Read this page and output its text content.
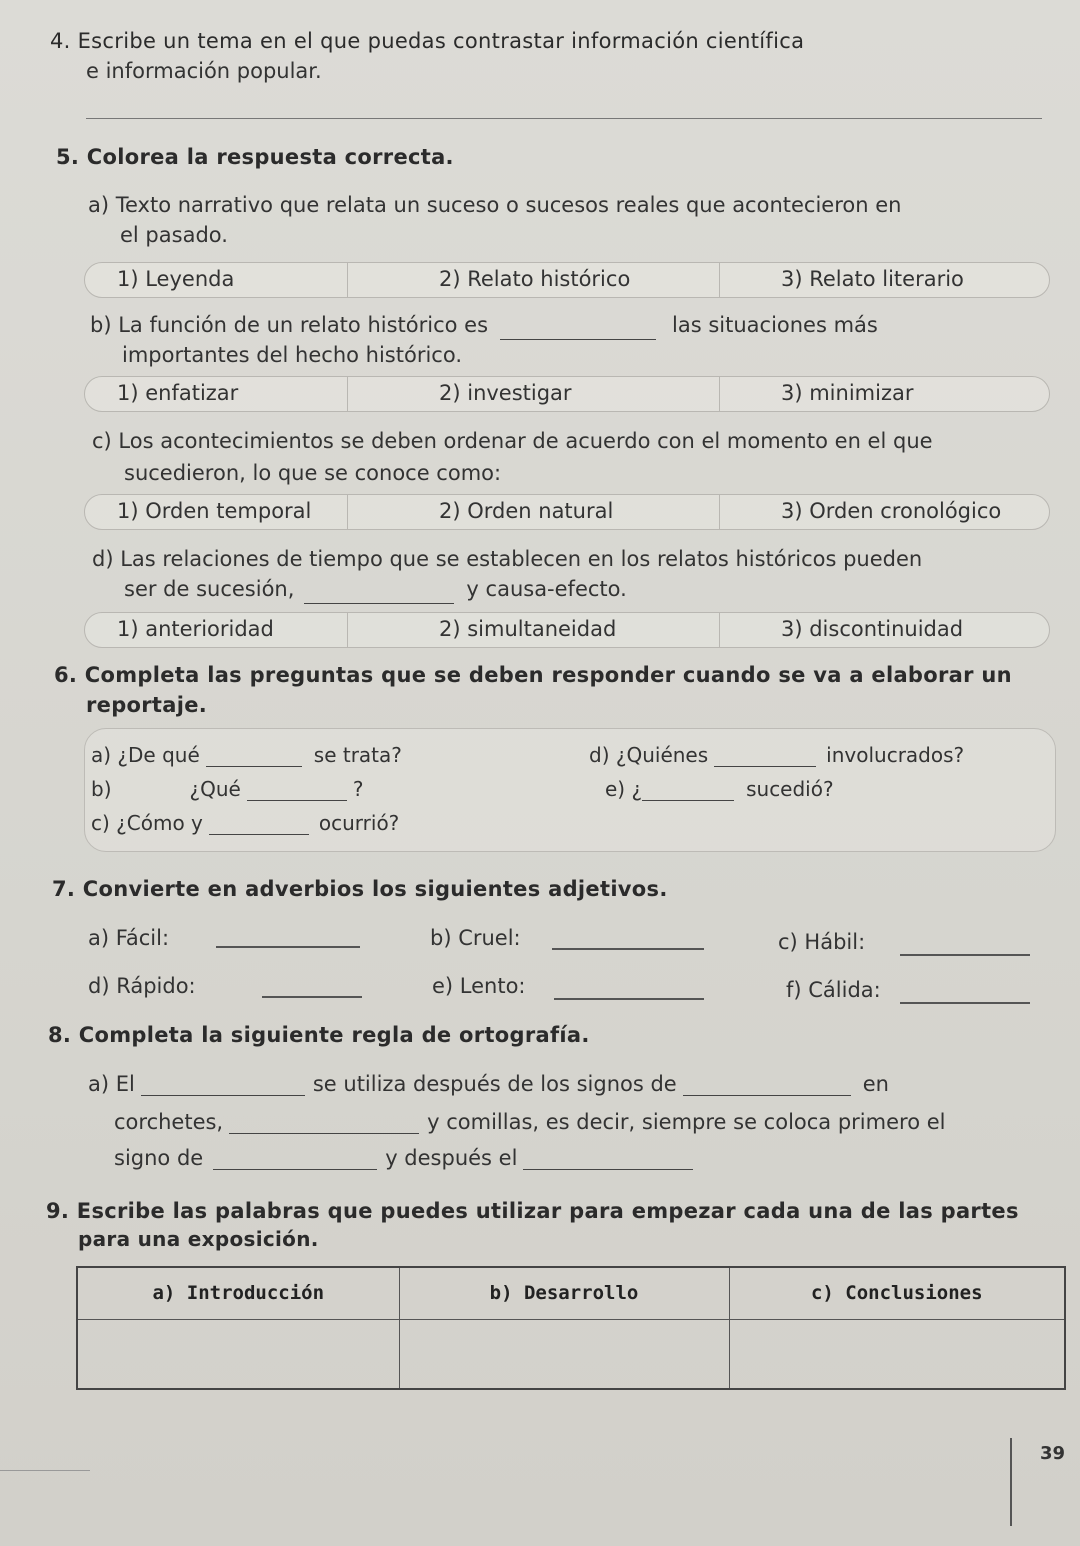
4. Escribe un tema en el que puedas contrastar información científica
e información popular.
5. Colorea la respuesta correcta.
a) Texto narrativo que relata un suceso o sucesos reales que acontecieron en
el pasado.
1) Leyenda	2) Relato histórico	3) Relato literario
b) La función de un relato histórico es	las situaciones más
importantes del hecho histórico.
1) enfatizar	2) investigar	3) minimizar
c) Los acontecimientos se deben ordenar de acuerdo con el momento en el que
sucedieron, lo que se conoce como:
1) Orden temporal	2) Orden natural	3) Orden cronológico
d) Las relaciones de tiempo que se establecen en los relatos históricos pueden
ser de sucesión,	y causa-efecto.
1) anterioridad	2) simultaneidad	3) discontinuidad
6. Completa las preguntas que se deben responder cuando se va a elaborar un
reportaje.
a) ¿De qué	se trata?
b)	¿Qué	?
c) ¿Cómo y	ocurrió?
d) ¿Quiénes	involucrados?
e) ¿	sucedió?
7. Convierte en adverbios los siguientes adjetivos.
a) Fácil:	b) Cruel:	c) Hábil:
d) Rápido:	e) Lento:	f) Cálida:
8. Completa la siguiente regla de ortografía.
a) El	se utiliza después de los signos de	en
corchetes,	y comillas, es decir, siempre se coloca primero el
signo de	y después el
9. Escribe las palabras que puedes utilizar para empezar cada una de las partes
para una exposición.
a) Introducción	b) Desarrollo	c) Conclusiones

39
